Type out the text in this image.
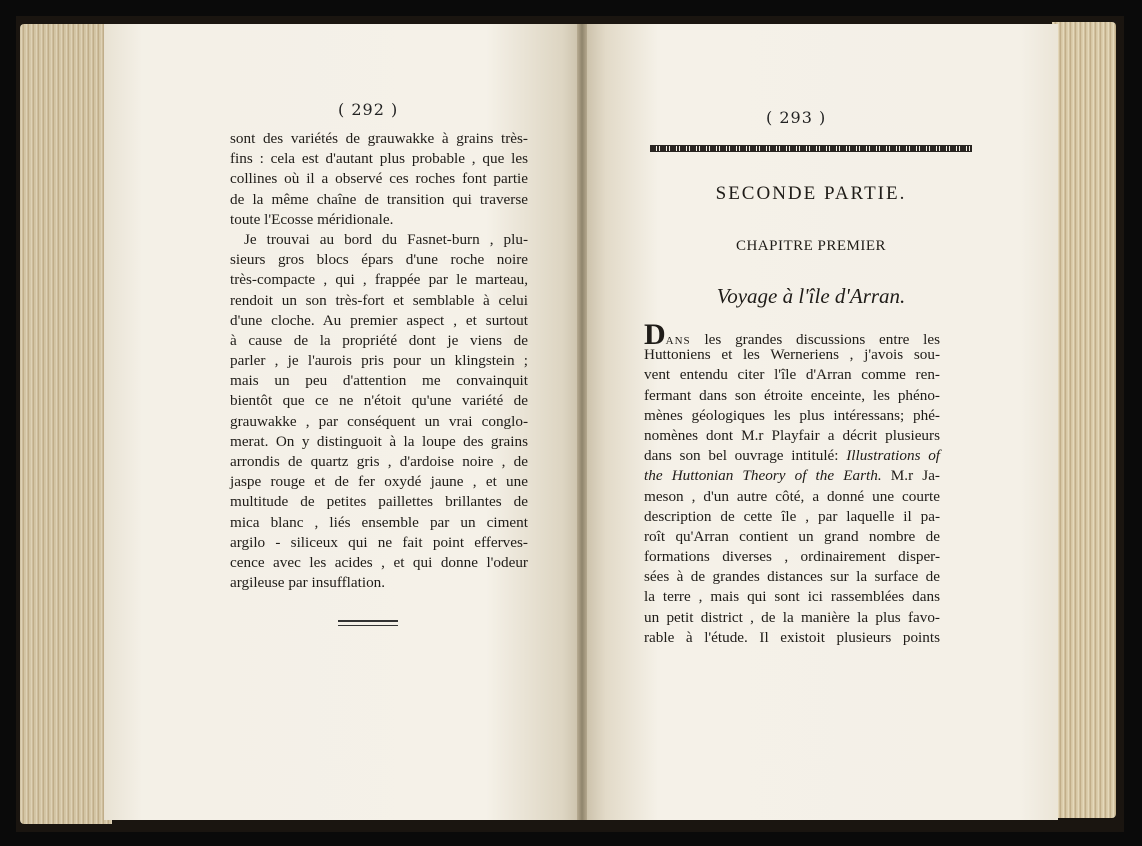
( 292 )
sont des variétés de grauwakke à grains très-
fins : cela est d'autant plus probable , que les
collines où il a observé ces roches font partie
de la même chaîne de transition qui traverse
toute l'Ecosse méridionale.
Je trouvai au bord du Fasnet-burn , plu-
sieurs gros blocs épars d'une roche noire
très-compacte , qui , frappée par le marteau,
rendoit un son très-fort et semblable à celui
d'une cloche. Au premier aspect , et surtout
à cause de la propriété dont je viens de
parler , je l'aurois pris pour un klingstein ;
mais un peu d'attention me convainquit
bientôt que ce ne n'étoit qu'une variété de
grauwakke , par conséquent un vrai conglo-
merat. On y distinguoit à la loupe des grains
arrondis de quartz gris , d'ardoise noire , de
jaspe rouge et de fer oxydé jaune , et une
multitude de petites paillettes brillantes de
mica blanc , liés ensemble par un ciment
argilo - siliceux qui ne fait point efferves-
cence avec les acides , et qui donne l'odeur
argileuse par insufflation.
( 293 )
SECONDE PARTIE.
CHAPITRE PREMIER
Voyage à l'île d'Arran.
DANS les grandes discussions entre les
Huttoniens et les Werneriens , j'avois sou-
vent entendu citer l'île d'Arran comme ren-
fermant dans son étroite enceinte, les phéno-
mènes géologiques les plus intéressans; phé-
nomènes dont M.r Playfair a décrit plusieurs
dans son bel ouvrage intitulé: Illustrations of
the Huttonian Theory of the Earth. M.r Ja-
meson , d'un autre côté, a donné une courte
description de cette île , par laquelle il pa-
roît qu'Arran contient un grand nombre de
formations diverses , ordinairement disper-
sées à de grandes distances sur la surface de
la terre , mais qui sont ici rassemblées dans
un petit district , de la manière la plus favo-
rable à l'étude. Il existoit plusieurs points
